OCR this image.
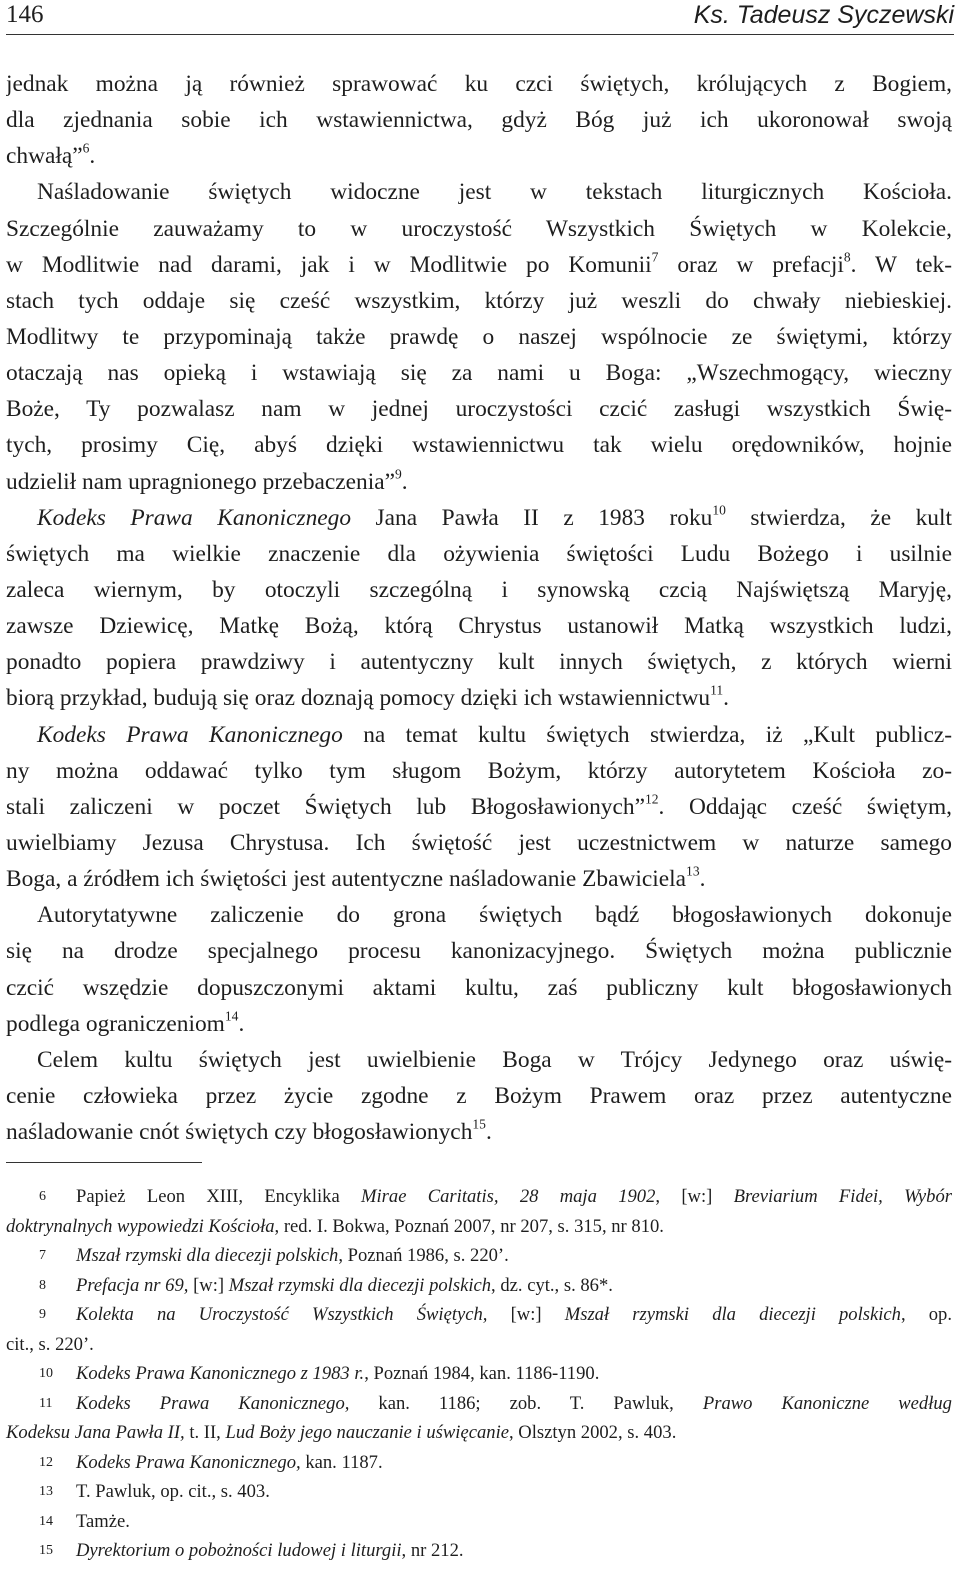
146	Ks. Tadeusz Syczewski
jednak można ją również sprawować ku czci świętych, królujących z Bogiem,
dla zjednania sobie ich wstawiennictwa, gdyż Bóg już ich ukoronował swoją
chwałą”$^6$.
Naśladowanie świętych widoczne jest w tekstach liturgicznych Kościoła.
Szczególnie zauważamy to w uroczystość Wszystkich Świętych w Kolekcie,
w Modlitwie nad darami, jak i w Modlitwie po Komunii$^7$ oraz w prefacji$^8$. W tek-
stach tych oddaje się cześć wszystkim, którzy już weszli do chwały niebieskiej.
Modlitwy te przypominają także prawdę o naszej wspólnocie ze świętymi, którzy
otaczają nas opieką i wstawiają się za nami u Boga: „Wszechmogący, wieczny
Boże, Ty pozwalasz nam w jednej uroczystości czcić zasługi wszystkich Świę-
tych, prosimy Cię, abyś dzięki wstawiennictwu tak wielu orędowników, hojnie
udzielił nam upragnionego przebaczenia”$^9$.
Kodeks Prawa Kanonicznego Jana Pawła II z 1983 roku$^{10}$ stwierdza, że kult
świętych ma wielkie znaczenie dla ożywienia świętości Ludu Bożego i usilnie
zaleca wiernym, by otoczyli szczególną i synowską czcią Najświętszą Maryję,
zawsze Dziewicę, Matkę Bożą, którą Chrystus ustanowił Matką wszystkich ludzi,
ponadto popiera prawdziwy i autentyczny kult innych świętych, z których wierni
biorą przykład, budują się oraz doznają pomocy dzięki ich wstawiennictwu$^{11}$.
Kodeks Prawa Kanonicznego na temat kultu świętych stwierdza, iż „Kult publicz-
ny można oddawać tylko tym sługom Bożym, którzy autorytetem Kościoła zo-
stali zaliczeni w poczet Świętych lub Błogosławionych”$^{12}$. Oddając cześć świętym,
uwielbiamy Jezusa Chrystusa. Ich świętość jest uczestnictwem w naturze samego
Boga, a źródłem ich świętości jest autentyczne naśladowanie Zbawiciela$^{13}$.
Autorytatywne zaliczenie do grona świętych bądź błogosławionych dokonuje
się na drodze specjalnego procesu kanonizacyjnego. Świętych można publicznie
czcić wszędzie dopuszczonymi aktami kultu, zaś publiczny kult błogosławionych
podlega ograniczeniom$^{14}$.
Celem kultu świętych jest uwielbienie Boga w Trójcy Jedynego oraz uświę-
cenie człowieka przez życie zgodne z Bożym Prawem oraz przez autentyczne
naśladowanie cnót świętych czy błogosławionych$^{15}$.
6 Papież Leon XIII, Encyklika Mirae Caritatis, 28 maja 1902, [w:] Breviarium Fidei, Wybór
doktrynalnych wypowiedzi Kościoła, red. I. Bokwa, Poznań 2007, nr 207, s. 315, nr 810.
7 Mszał rzymski dla diecezji polskich, Poznań 1986, s. 220’.
8 Prefacja nr 69, [w:] Mszał rzymski dla diecezji polskich, dz. cyt., s. 86*.
9 Kolekta na Uroczystość Wszystkich Świętych, [w:] Mszał rzymski dla diecezji polskich, op.
cit., s. 220’.
10 Kodeks Prawa Kanonicznego z 1983 r., Poznań 1984, kan. 1186-1190.
11 Kodeks Prawa Kanonicznego, kan. 1186; zob. T. Pawluk, Prawo Kanoniczne według
Kodeksu Jana Pawła II, t. II, Lud Boży jego nauczanie i uświęcanie, Olsztyn 2002, s. 403.
12 Kodeks Prawa Kanonicznego, kan. 1187.
13 T. Pawluk, op. cit., s. 403.
14 Tamże.
15 Dyrektorium o pobożności ludowej i liturgii, nr 212.
